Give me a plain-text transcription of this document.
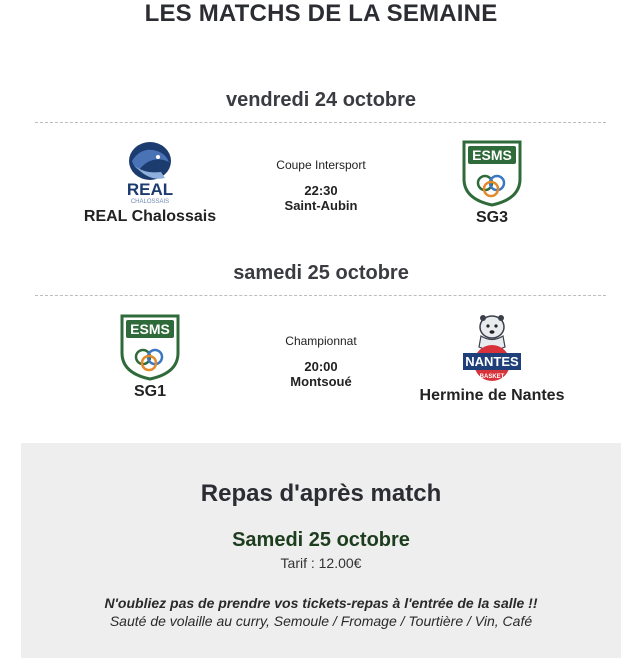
LES MATCHS DE LA SEMAINE
vendredi 24 octobre
REAL
CHALOSSAIS
REAL Chalossais
Coupe Intersport
22:30
Saint-Aubin
ESMS
SG3
samedi 25 octobre
ESMS
SG1
Championnat
20:00
Montsoué
NANTES
BASKET
Hermine de Nantes
Repas d'après match
Samedi 25 octobre
Tarif : 12.00€
N'oubliez pas de prendre vos tickets-repas à l'entrée de la salle !!
Sauté de volaille au curry, Semoule / Fromage / Tourtière / Vin, Café
